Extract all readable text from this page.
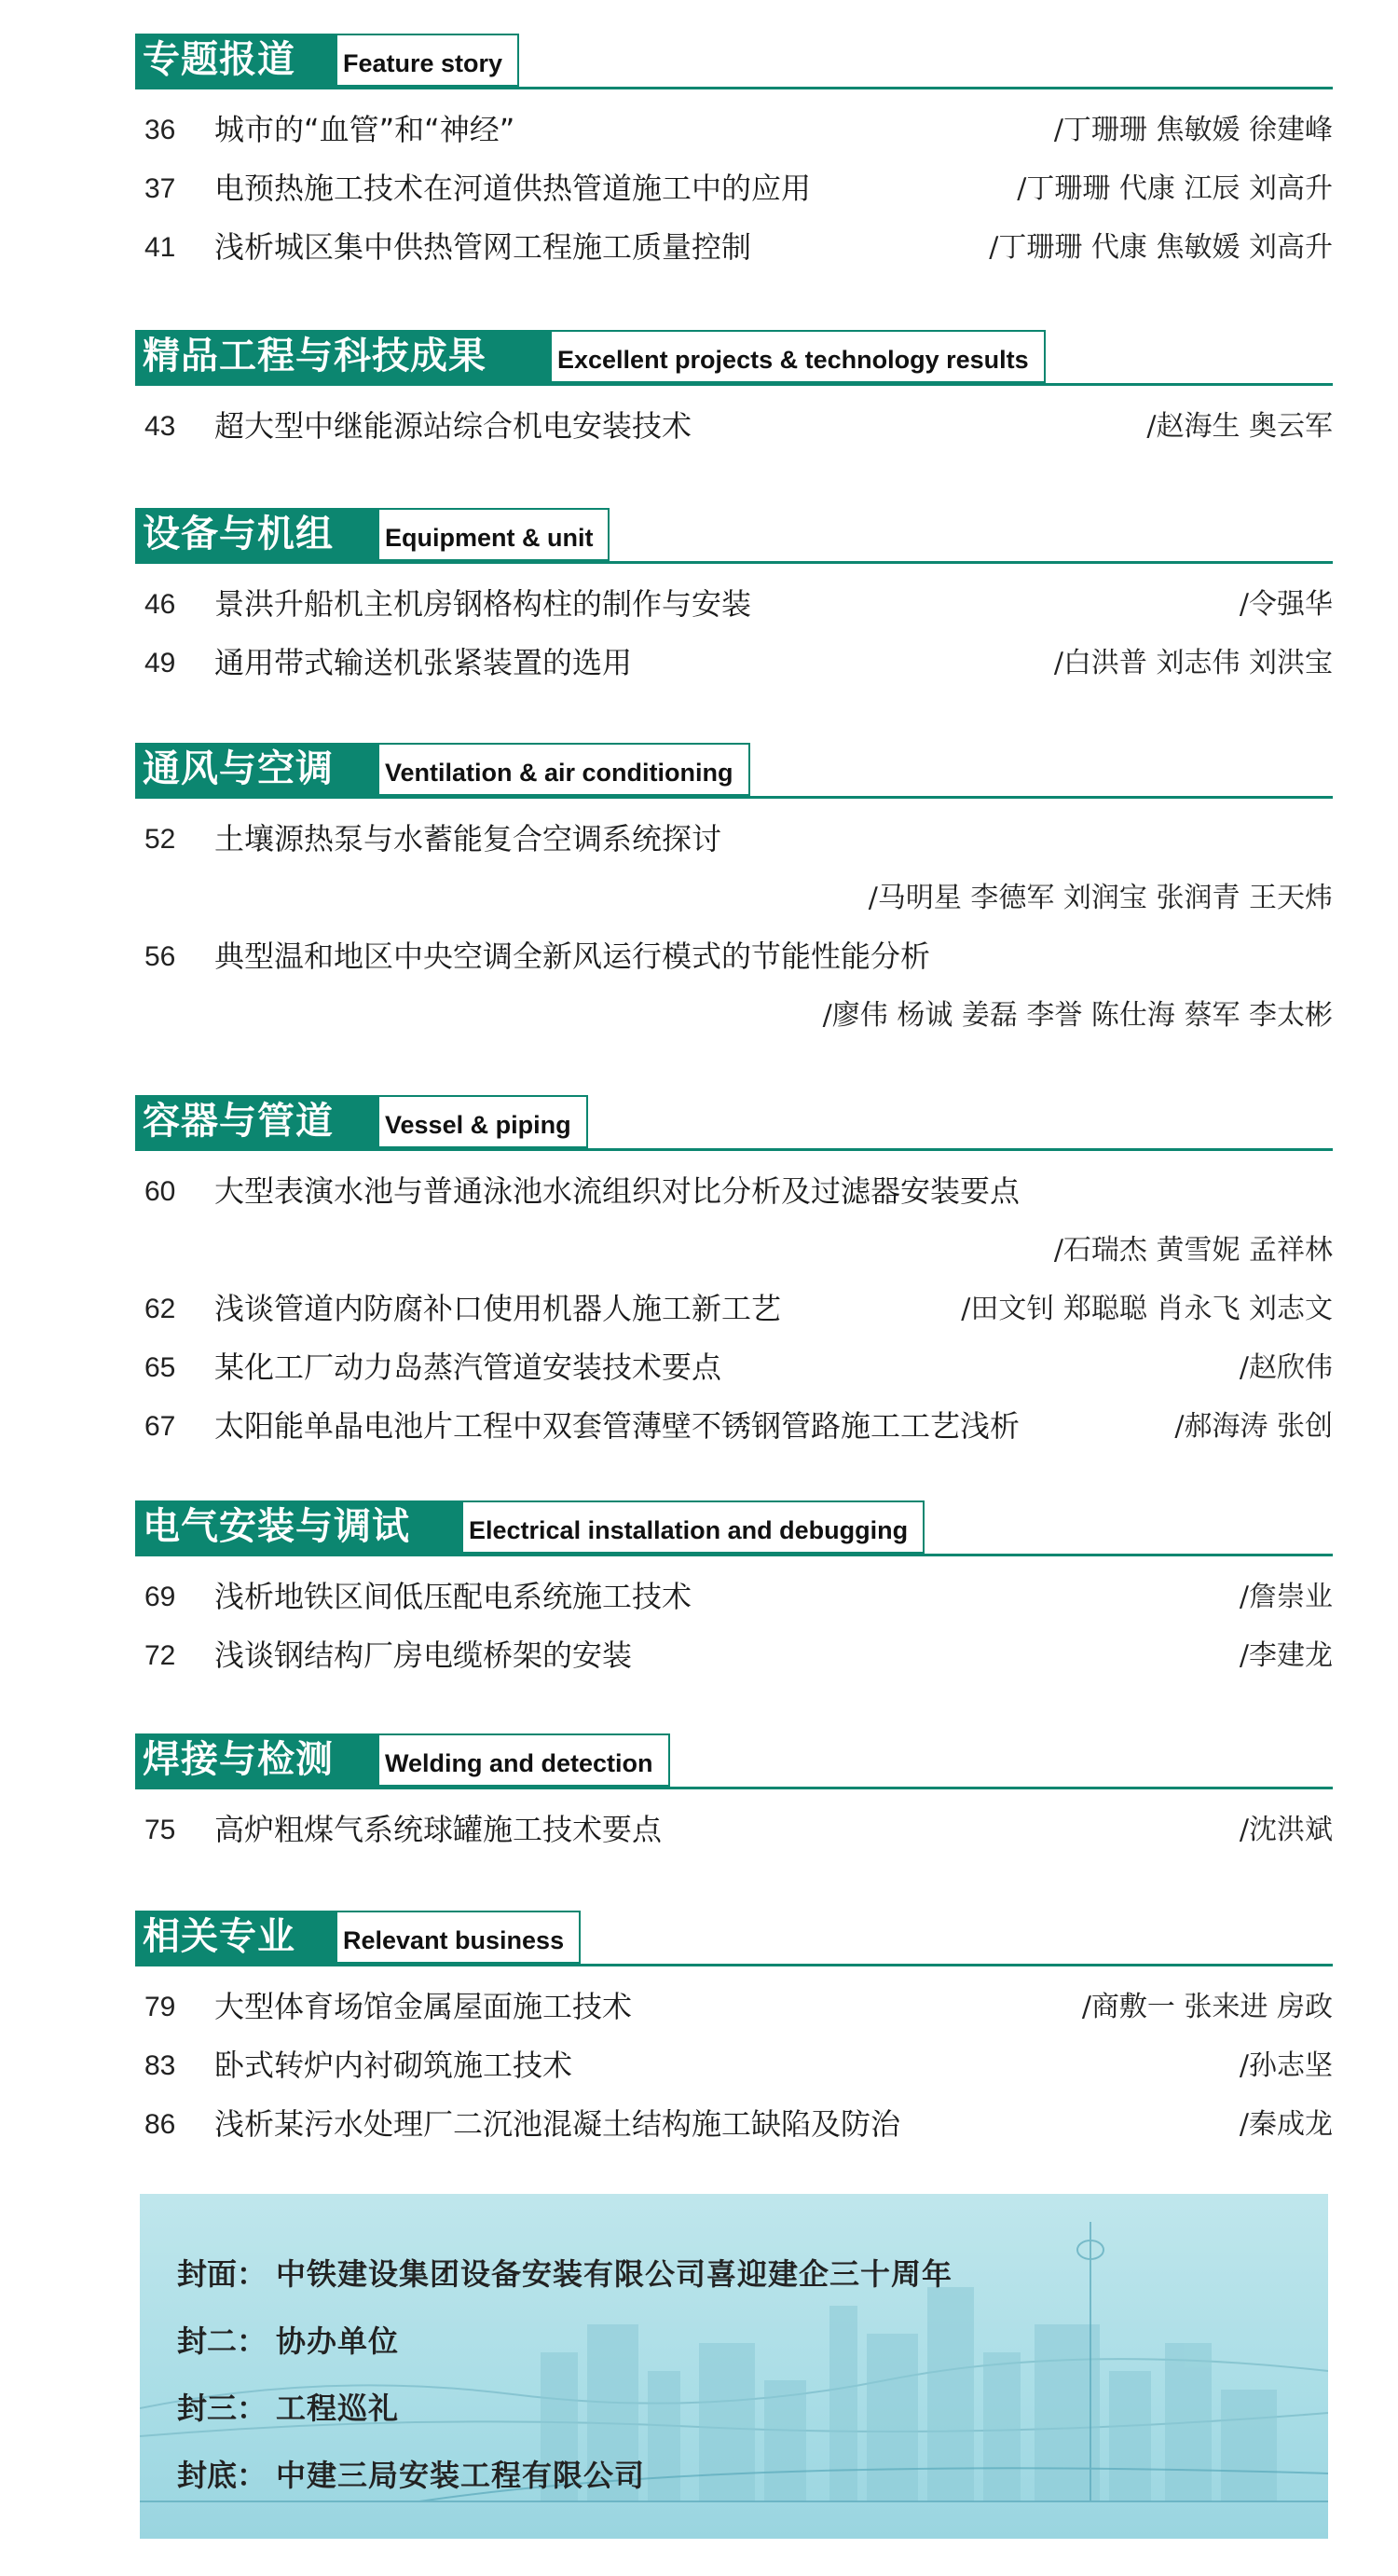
专题报道	Feature story
36	城市的“血管”和“神经”	/丁珊珊 焦敏媛 徐建峰
37	电预热施工技术在河道供热管道施工中的应用	/丁珊珊 代康 江辰 刘高升
41	浅析城区集中供热管网工程施工质量控制	/丁珊珊 代康 焦敏媛 刘高升
精品工程与科技成果	Excellent projects & technology results
43	超大型中继能源站综合机电安装技术	/赵海生 奥云军
设备与机组	Equipment & unit
46	景洪升船机主机房钢格构柱的制作与安装	/令强华
49	通用带式输送机张紧装置的选用	/白洪普 刘志伟 刘洪宝
通风与空调	Ventilation & air conditioning
52	土壤源热泵与水蓄能复合空调系统探讨
/马明星 李德军 刘润宝 张润青 王天炜
56	典型温和地区中央空调全新风运行模式的节能性能分析
/廖伟 杨诚 姜磊 李誉 陈仕海 蔡军 李太彬
容器与管道	Vessel & piping
60	大型表演水池与普通泳池水流组织对比分析及过滤器安装要点
/石瑞杰 黄雪妮 孟祥林
62	浅谈管道内防腐补口使用机器人施工新工艺	/田文钊 郑聪聪 肖永飞 刘志文
65	某化工厂动力岛蒸汽管道安装技术要点	/赵欣伟
67	太阳能单晶电池片工程中双套管薄壁不锈钢管路施工工艺浅析	/郝海涛 张创
电气安装与调试	Electrical installation and debugging
69	浅析地铁区间低压配电系统施工技术	/詹崇业
72	浅谈钢结构厂房电缆桥架的安装	/李建龙
焊接与检测	Welding and detection
75	高炉粗煤气系统球罐施工技术要点	/沈洪斌
相关专业	Relevant business
79	大型体育场馆金属屋面施工技术	/商敷一 张来进 房政
83	卧式转炉内衬砌筑施工技术	/孙志坚
86	浅析某污水处理厂二沉池混凝土结构施工缺陷及防治	/秦成龙
封面： 中铁建设集团设备安装有限公司喜迎建企三十周年
封二： 协办单位
封三： 工程巡礼
封底： 中建三局安装工程有限公司
